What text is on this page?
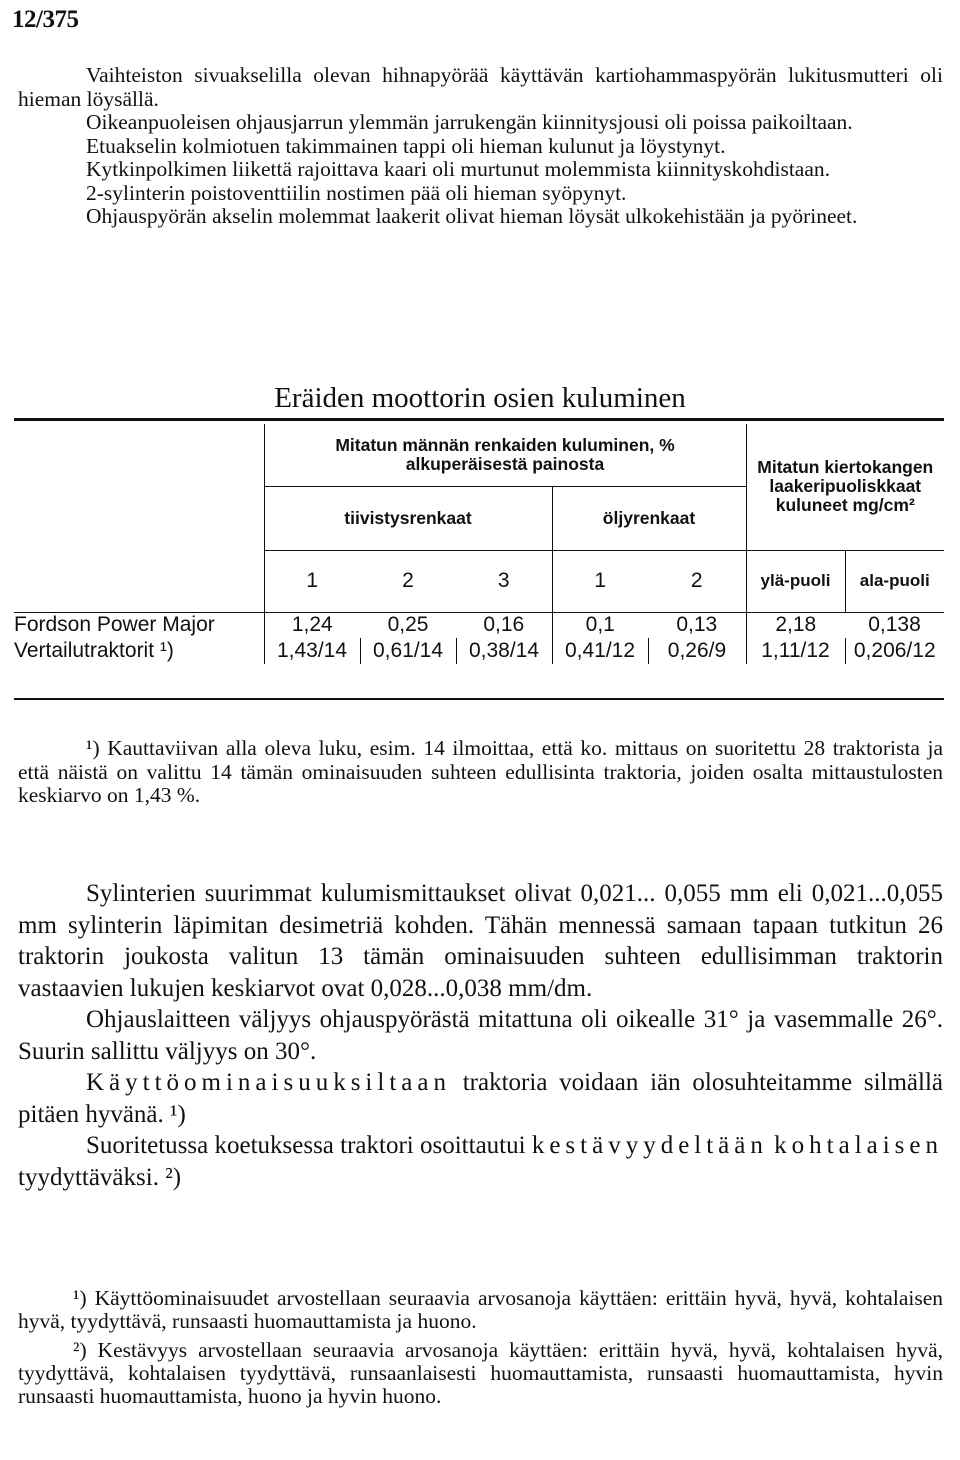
12/375

Vaihteiston sivuakselilla olevan hihnapyörää käyttävän kartiohammaspyörän lukitusmutteri oli hieman löysällä.

Oikeanpuoleisen ohjausjarrun ylemmän jarrukengän kiinnitysjousi oli poissa paikoiltaan.

Etuakselin kolmiotuen takimmainen tappi oli hieman kulunut ja löystynyt.

Kytkinpolkimen liikettä rajoittava kaari oli murtunut molemmista kiinnityskohdistaan.

2-sylinterin poistoventtiilin nostimen pää oli hieman syöpynyt.

Ohjauspyörän akselin molemmat laakerit olivat hieman löysät ulkokehistään ja pyörineet.

Eräiden moottorin osien kuluminen
	Mitatun männän renkaiden kuluminen, % alkuperäisestä painosta					Mitatun kiertokangen laakeripuoliskkaat kuluneet mg/cm²	
	tiivistysrenkaat			öljyrenkaat			
	1	2	3	1	2	ylä-puoli	ala-puoli
Fordson Power Major	1,24	0,25	0,16	0,1	0,13	2,18	0,138
Vertailutraktorit ¹)	1,43/14	0,61/14	0,38/14	0,41/12	0,26/9	1,11/12	0,206/12
¹) Kauttaviivan alla oleva luku, esim. 14 ilmoittaa, että ko. mittaus on suoritettu 28 traktorista ja että näistä on valittu 14 tämän ominaisuuden suhteen edullisinta traktoria, joiden osalta mittaustulosten keskiarvo on 1,43 %.

Sylinterien suurimmat kulumismittaukset olivat 0,021... 0,055 mm eli 0,021...0,055 mm sylinterin läpimitan desimetriä kohden. Tähän mennessä samaan tapaan tutkitun 26 traktorin joukosta valitun 13 tämän ominaisuuden suhteen edullisimman traktorin vastaavien lukujen keskiarvot ovat 0,028...0,038 mm/dm.

Ohjauslaitteen väljyys ohjauspyörästä mitattuna oli oikealle 31° ja vasemmalle 26°. Suurin sallittu väljyys on 30°.

Käyttöominaisuuksiltaan traktoria voidaan iän olosuhteitamme silmällä pitäen hyvänä. ¹)

Suoritetussa koetuksessa traktori osoittautui kestävyydeltään kohtalaisen tyydyttäväksi. ²)

¹) Käyttöominaisuudet arvostellaan seuraavia arvosanoja käyttäen: erittäin hyvä, hyvä, kohtalaisen hyvä, tyydyttävä, runsaasti huomauttamista ja huono.

²) Kestävyys arvostellaan seuraavia arvosanoja käyttäen: erittäin hyvä, hyvä, kohtalaisen hyvä, tyydyttävä, kohtalaisen tyydyttävä, runsaanlaisesti huomauttamista, runsaasti huomauttamista, hyvin runsaasti huomauttamista, huono ja hyvin huono.
